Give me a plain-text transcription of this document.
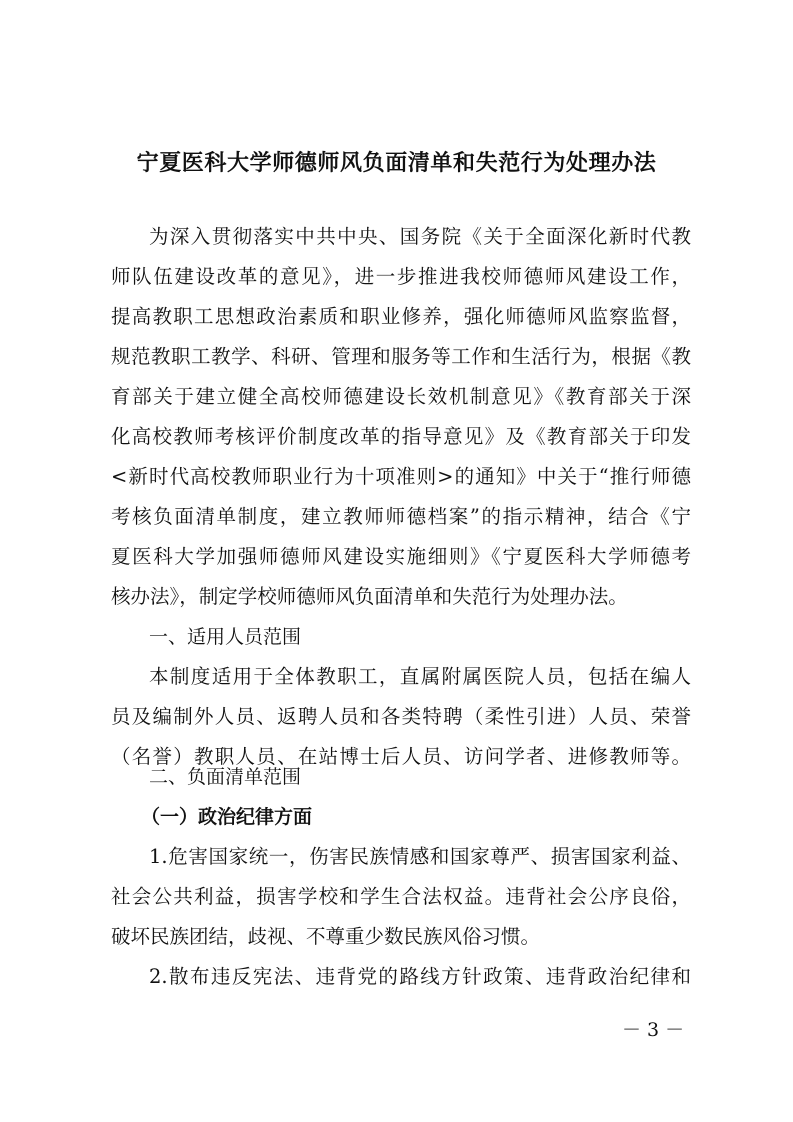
宁夏医科大学师德师风负面清单和失范行为处理办法
为深入贯彻落实中共中央、国务院《关于全面深化新时代教
师队伍建设改革的意见》，进一步推进我校师德师风建设工作，
提高教职工思想政治素质和职业修养，强化师德师风监察监督，
规范教职工教学、科研、管理和服务等工作和生活行为，根据《教
育部关于建立健全高校师德建设长效机制意见》《教育部关于深
化高校教师考核评价制度改革的指导意见》及《教育部关于印发
<新时代高校教师职业行为十项准则>的通知》中关于“推行师德
考核负面清单制度，建立教师师德档案”的指示精神，结合《宁
夏医科大学加强师德师风建设实施细则》《宁夏医科大学师德考
核办法》，制定学校师德师风负面清单和失范行为处理办法。
一、适用人员范围
本制度适用于全体教职工，直属附属医院人员，包括在编人
员及编制外人员、返聘人员和各类特聘（柔性引进）人员、荣誉
（名誉）教职人员、在站博士后人员、访问学者、进修教师等。
二、负面清单范围
（一）政治纪律方面
1.危害国家统一，伤害民族情感和国家尊严、损害国家利益、
社会公共利益，损害学校和学生合法权益。违背社会公序良俗，
破坏民族团结，歧视、不尊重少数民族风俗习惯。
2.散布违反宪法、违背党的路线方针政策、违背政治纪律和
－ 3 －
